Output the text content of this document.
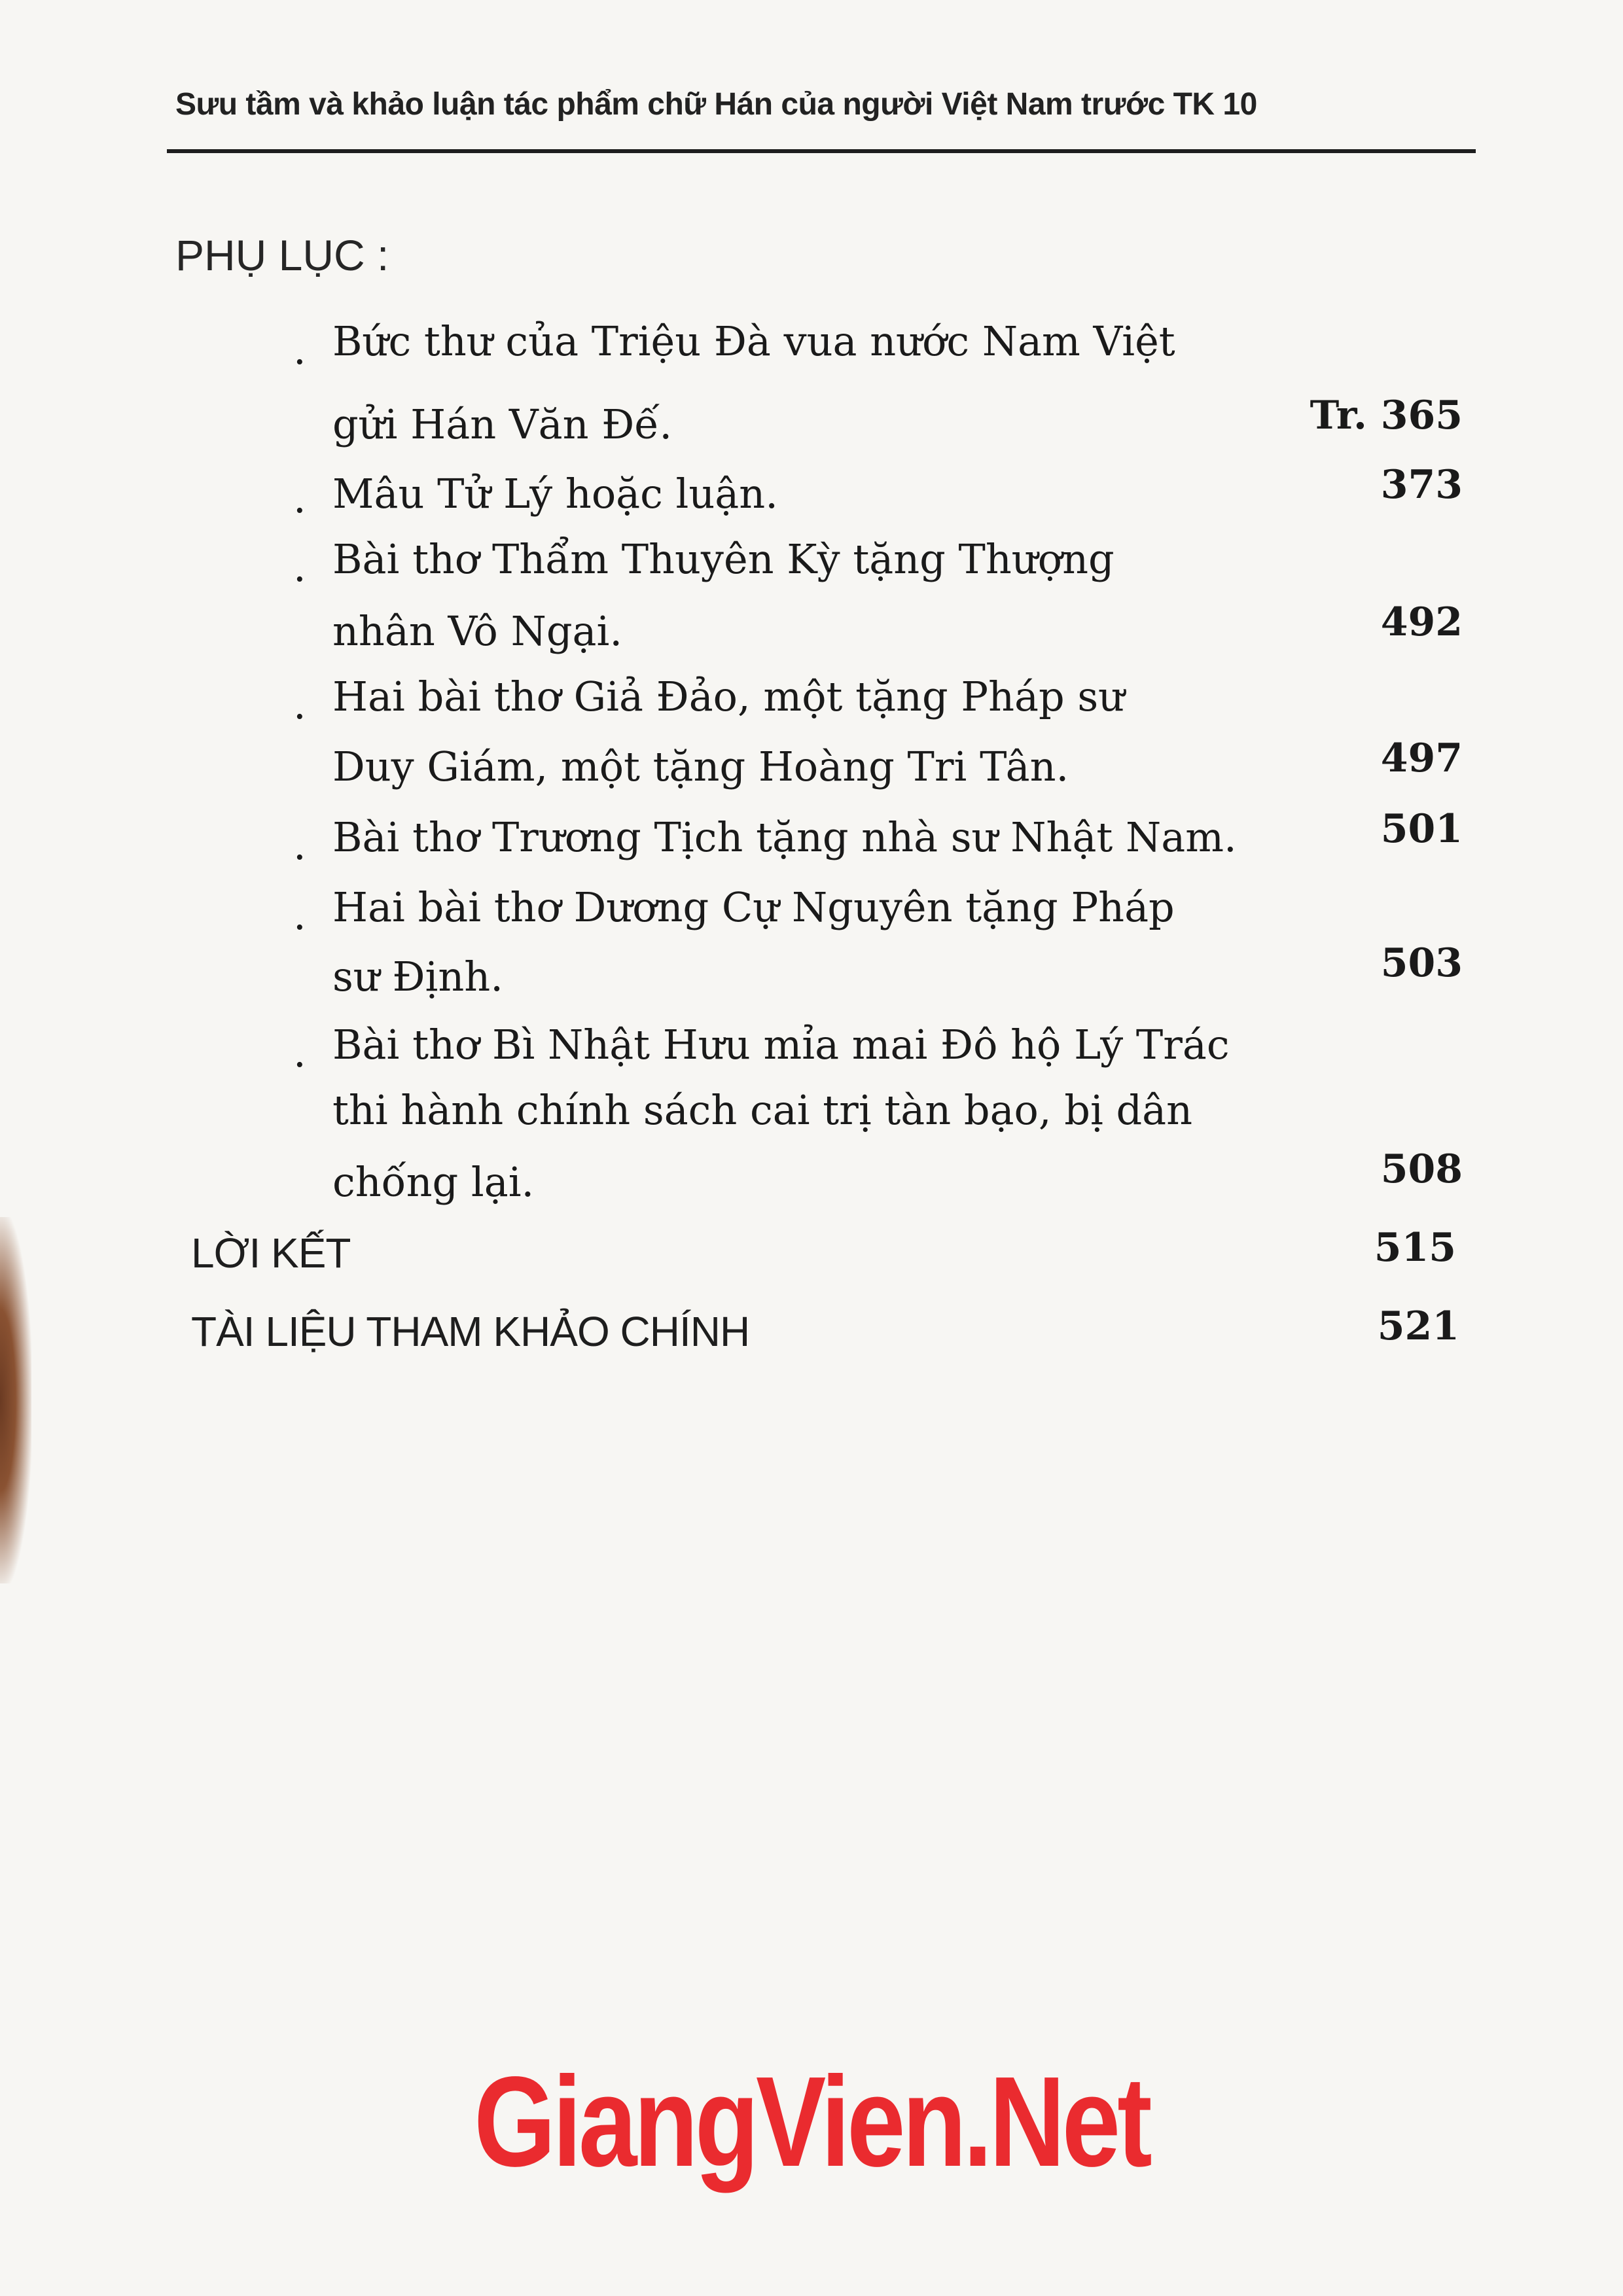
Sưu tầm và khảo luận tác phẩm chữ Hán của người Việt Nam trước TK 10
PHỤ LỤC :
. Bức thư của Triệu Đà vua nước Nam Việt
gửi Hán Văn Đế.	Tr. 365
. Mâu Tử Lý hoặc luận.	373
. Bài thơ Thẩm Thuyên Kỳ tặng Thượng
nhân Vô Ngại.	492
. Hai bài thơ Giả Đảo, một tặng Pháp sư
Duy Giám, một tặng Hoàng Tri Tân.	497
. Bài thơ Trương Tịch tặng nhà sư Nhật Nam.	501
. Hai bài thơ Dương Cự Nguyên tặng Pháp
sư Định.	503
. Bài thơ Bì Nhật Hưu mỉa mai Đô hộ Lý Trác
thi hành chính sách cai trị tàn bạo, bị dân
chống lại.	508
LỜI KẾT	515
TÀI LIỆU THAM KHẢO CHÍNH	521
GiangVien.Net
